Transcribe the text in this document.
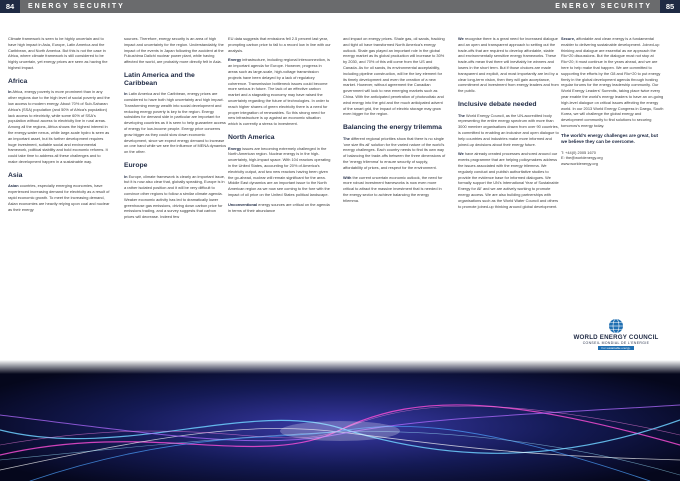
84	ENERGY SECURITY	ENERGY SECURITY	85

Climate framework is seen to be highly uncertain and to have high impact in Asia, Europe, Latin America and the Caribbean, and North America. But this is not the case in Africa, where climate framework is still considered to be highly uncertain, yet energy prices are seen as having the highest impact.

Africa

In Africa, energy poverty is more prominent than in any other regions due to the high level of social poverty and the low access to modern energy. About 70% of Sub-Saharan Africa's (SSA) population (and 50% of Africa's population) lack access to electricity, while some 60% of SSA's population without access to electricity live in rural areas. Among all the regions, Africa shows the highest interest in the energy-water nexus, while large-scale hydro is seen as an important asset, but its further development requires huge investment, suitable social and environmental framework, political stability and bold economic reforms. It could take time to address all these challenges and to make development happen in a sustainable way.

Asia

Asian countries, especially emerging economies, have experienced increasing demand for electricity as a result of rapid economic growth. To meet the increasing demand, Asian economies are heavily relying upon coal and nuclear as their energy

sources. Therefore, energy security is an area of high impact and uncertainty for the region. Understandably, the impact of the events in Japan following the accident at the Fukushima Daiichi nuclear power plant, while having affected the world, are probably more directly felt in Asia.

Latin America and the Caribbean

In Latin America and the Caribbean, energy prices are considered to have both high uncertainty and high impact. Transforming energy wealth into social development and reducing energy poverty is key to the region. Energy subsidies for demand side in particular are important for developing countries as it is seen to help guarantee access of energy for low-income people. Energy price concerns grow bigger as they could slow down economic development, since we expect energy demand to increase on one hand while we see the influence of MENA dynamics on the other.

Europe

In Europe, climate framework is clearly an important issue, but it is now also clear that, globally speaking, Europe is in a rather isolated position and it will be very difficult to convince other regions to follow a similar climate agenda. Weaker economic activity has led to dramatically lower greenhouse gas emissions, driving down carbon price for emissions trading, and a survey suggests that carbon prices will decrease. Indeed few

EU data suggests that emissions fell 2.5 percent last year, prompting carbon price to fall to a record low in line with our analysis.

Energy infrastructure, including regional interconnection, is an important agenda for Europe. However, progress in areas such as large-scale, high-voltage transmission projects have been delayed by a lack of regulatory coherence. Transmission bottleneck issues could become more serious in future. The lack of an effective carbon market and a stagnating economy may have raised the uncertainty regarding the future of technologies. In order to reach higher shares of green electricity there is a need for proper integration of renewables. So this strong need for new infrastructure is up against an economic situation which is currently a stress to investment.

North America

Energy issues are becoming extremely challenged in the North American region. Nuclear energy is in the high-uncertainty, high-impact space. With 104 reactors operating in the United States, accounting for 20% of America's electricity output, and two new reactors having been given the go-ahead, nuclear will remain significant for the area. Middle East dynamics are an important issue to the North American region as we now see coming to the fore with the impact of oil price on the United States political landscape.

Unconventional energy sources are critical on the agenda in terms of their abundance

and impact on energy prices. Shale gas, oil sands, fracking and tight oil have transformed North America's energy outlook. Shale gas played an important role in the global energy market as its global production will increase to 30% by 2030, and 70% of this will come from the US and Canada. As for oil sands, its environmental acceptability, including pipeline construction, will be the key element for its timely development and even the creation of a new market. However, without agreement the Canadian government will look to new emerging markets such as China. With the anticipated penetration of photovoltaic and wind energy into the grid and the much anticipated advent of the smart grid, the impact of electric storage may grow even bigger for the region.

Balancing the energy trilemma

The different regional priorities show that there is no single 'one size fits all' solution for the varied nature of the world's energy challenges. Each country needs to find its own way of balancing the trade-offs between the three dimensions of the 'energy trilemma' to ensure security of supply, affordability of prices, and respect for the environment.

With the current uncertain economic outlook, the need for more robust investment frameworks is now even more critical to attract the massive investment that is needed in the energy sector to achieve balancing the energy trilemma.

We recognise there is a great need for increased dialogue and an open and transparent approach to setting out the trade-offs that are required to develop affordable, stable and environmentally sensitive energy frameworks. These trade-offs mean that there will inevitably be winners and losers in the short term. But if those choices are made transparent and explicit, and most importantly are led by a clear long-term vision, then they will gain acceptance, commitment and investment from energy leaders and from the public.

Inclusive debate needed

The World Energy Council, as the UN-accredited body representing the entire energy spectrum with more than 3000 member organisations drawn from over 90 countries, is committed to enabling an inclusive and open dialogue to help countries and industries make more informed and joined-up decisions about their energy future.

We have already created processes anchored around our events programme that are helping policymakers address the issues associated with the energy trilemma. We regularly conduct and publish authoritative studies to provide the evidence base for informed dialogues. We formally support the UN's International Year of Sustainable Energy for All' and we are actively working to promote energy access. We are also building partnerships with organisations such as the World Water Council and others to promote joined-up thinking around global development.

Secure, affordable and clean energy is a fundamental enabler to delivering sustainable development. Joined-up thinking and dialogue are essential as we approach the Rio+20 discussions. But the dialogue must not stop at Rio+20; it must continue in the years ahead, and we are here to help make that happen. We are committed to supporting the efforts by the G8 and Rio+20 to put energy firmly in the global development agenda through hosting regular forums for the energy leadership community. Our World Energy Leaders' Summits, taking place twice every year enable the world's energy leaders to have an on-going high-level dialogue on critical issues affecting the energy world. In our 2013 World Energy Congress in Daegu, South Korea, we will challenge the global energy and development community to find solutions to securing tomorrow's energy today.

The world's energy challenges are great, but we believe they can be overcome.

T: +44(0) 2005 1670

E: the@worldenergy.org

www.worldenergy.org

WORLD ENERGY COUNCIL
CONSEIL MONDIAL DE L'ENERGIE
For sustainable energy.
